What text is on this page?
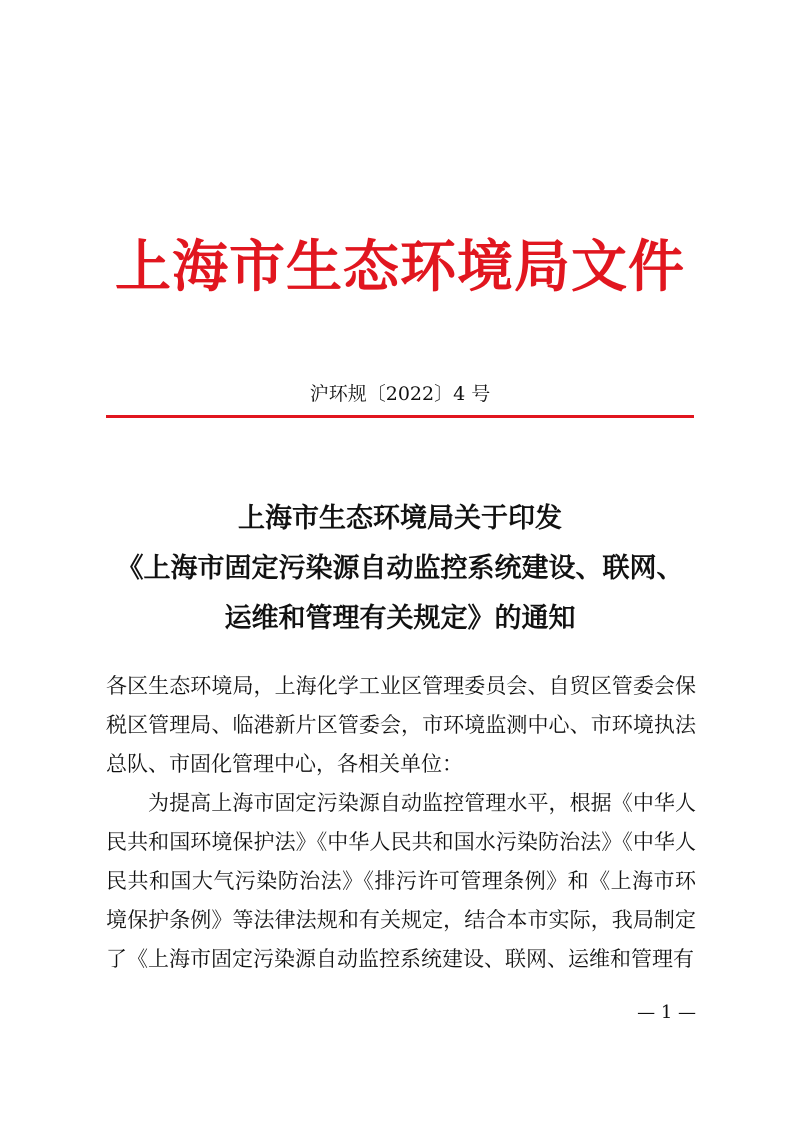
上海市生态环境局文件
沪环规〔2022〕4 号
上海市生态环境局关于印发
《上海市固定污染源自动监控系统建设、联网、
运维和管理有关规定》的通知

各区生态环境局，上海化学工业区管理委员会、自贸区管委会保税区管理局、临港新片区管委会，市环境监测中心、市环境执法总队、市固化管理中心，各相关单位：

为提高上海市固定污染源自动监控管理水平，根据《中华人民共和国环境保护法》《中华人民共和国水污染防治法》《中华人民共和国大气污染防治法》《排污许可管理条例》和《上海市环境保护条例》等法律法规和有关规定，结合本市实际，我局制定了《上海市固定污染源自动监控系统建设、联网、运维和管理有

— 1 —
